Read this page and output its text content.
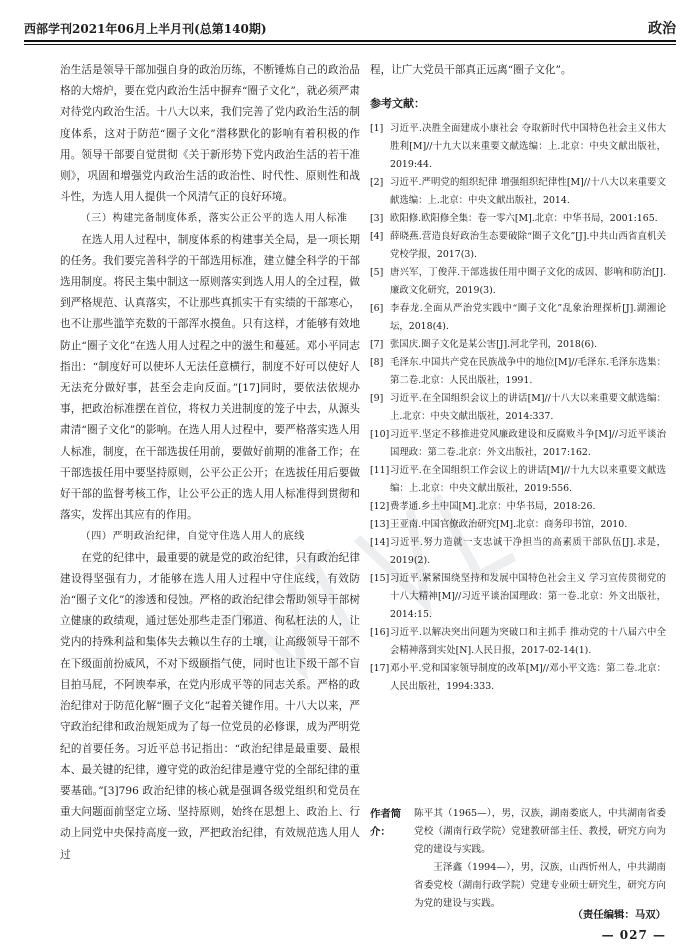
西部学刊2021年06月上半月刊(总第140期)	政治

治生活是领导干部加强自身的政治历练，不断锤炼自己的政治品格的大熔炉，要在党内政治生活中摒弃“圈子文化”，就必须严肃对待党内政治生活。十八大以来，我们完善了党内政治生活的制度体系，这对于防范“圈子文化”潜移默化的影响有着积极的作用。领导干部要自觉贯彻《关于新形势下党内政治生活的若干准则》，巩固和增强党内政治生活的政治性、时代性、原则性和战斗性，为选人用人提供一个风清气正的良好环境。

（三）构建完备制度体系，落实公正公平的选人用人标准

在选人用人过程中，制度体系的构建事关全局，是一项长期的任务。我们要完善科学的干部选用标准，建立健全科学的干部选用制度。将民主集中制这一原则落实到选人用人的全过程，做到严格规范、认真落实，不让那些真抓实干有实绩的干部寒心，也不让那些滥竽充数的干部浑水摸鱼。只有这样，才能够有效地防止“圈子文化”在选人用人过程之中的滋生和蔓延。邓小平同志指出：“制度好可以使坏人无法任意横行，制度不好可以使好人无法充分做好事，甚至会走向反面。”[17]同时，要依法依规办事，把政治标准摆在首位，将权力关进制度的笼子中去，从源头肃清“圈子文化”的影响。在选人用人过程中，要严格落实选人用人标准，制度，在干部选拔任用前，要做好前期的准备工作；在干部选拔任用中要坚持原则，公平公正公开；在选拔任用后要做好干部的监督考核工作，让公平公正的选人用人标准得到贯彻和落实，发挥出其应有的作用。

（四）严明政治纪律，自觉守住选人用人的底线

在党的纪律中，最重要的就是党的政治纪律，只有政治纪律建设得坚强有力，才能够在选人用人过程中守住底线，有效防治“圈子文化”的渗透和侵蚀。严格的政治纪律会帮助领导干部树立健康的政绩观，通过惩处那些走歪门邪道、徇私枉法的人，让党内的持殊利益和集体失去赖以生存的土壤，让高级领导干部不在下级面前扮威风，不对下级颐指气使，同时也让下级干部不盲目拍马屁，不阿谀奉承，在党内形成平等的同志关系。严格的政治纪律对于防范化解“圈子文化”起着关键作用。十八大以来，严守政治纪律和政治规矩成为了每一位党员的必修课，成为严明党纪的首要任务。习近平总书记指出：“政治纪律是最重要、最根本、最关键的纪律，遵守党的政治纪律是遵守党的全部纪律的重要基础。”[3]796 政治纪律的核心就是强调各级党组织和党员在重大问题面前坚定立场、坚持原则，始终在思想上、政治上、行动上同党中央保持高度一致，严把政治纪律，有效规范选人用人过

程，让广大党员干部真正远离“圈子文化”。

参考文献：
[1] 习近平.决胜全面建成小康社会 夺取新时代中国特色社会主义伟大胜利[M]//十九大以来重要文献选编：上.北京：中央文献出版社，2019:44.
[2] 习近平.严明党的组织纪律 增强组织纪律性[M]//十八大以来重要文献选编：上.北京：中央文献出版社，2014.
[3] 欧阳修.欧阳修全集：卷一零六[M].北京：中华书局，2001:165.
[4] 薛晓燕.营造良好政治生态要破除“圈子文化”[J].中共山西省直机关党校学报，2017(3).
[5] 唐兴军，丁俊萍.干部选拔任用中圈子文化的成因、影响和防治[J].廉政文化研究，2019(3).
[6] 李春龙.全面从严治党实践中“圈子文化”乱象治理探析[J].湖湘论坛，2018(4).
[7] 张国庆.圈子文化是某公害[J].河北学刊，2018(6).
[8] 毛泽东.中国共产党在民族战争中的地位[M]//毛泽东.毛泽东选集：第二卷.北京：人民出版社，1991.
[9] 习近平.在全国组织会议上的讲话[M]//十八大以来重要文献选编：上.北京：中央文献出版社，2014:337.
[10] 习近平.坚定不移推进党风廉政建设和反腐败斗争[M]//习近平谈治国理政：第二卷.北京：外文出版社，2017:162.
[11] 习近平.在全国组织工作会议上的讲话[M]//十九大以来重要文献选编：上.北京：中央文献出版社，2019:556.
[12] 费孝通.乡土中国[M].北京：中华书局，2018:26.
[13] 王亚南.中国官僚政治研究[M].北京：商务印书馆，2010.
[14] 习近平.努力造就一支忠诚干净担当的高素质干部队伍[J].求是，2019(2).
[15] 习近平.紧紧围绕坚持和发展中国特色社会主义 学习宣传贯彻党的十八大精神[M]//习近平谈治国理政：第一卷.北京：外文出版社，2014:15.
[16] 习近平.以解决突出问题为突破口和主抓手 推动党的十八届六中全会精神落到实处[N].人民日报，2017-02-14(1).
[17] 邓小平.党和国家领导制度的改革[M]//邓小平文选：第二卷.北京：人民出版社，1994:333.
作者简介：

陈平其（1965—），男，汉族，湖南娄底人，中共湖南省委党校（湖南行政学院）党建教研部主任、教授，研究方向为党的建设与实践。

王泽鑫（1994—），男，汉族，山西忻州人，中共湖南省委党校（湖南行政学院）党建专业硕士研究生，研究方向为党的建设与实践。

（责任编辑：马双）
— 027 —
